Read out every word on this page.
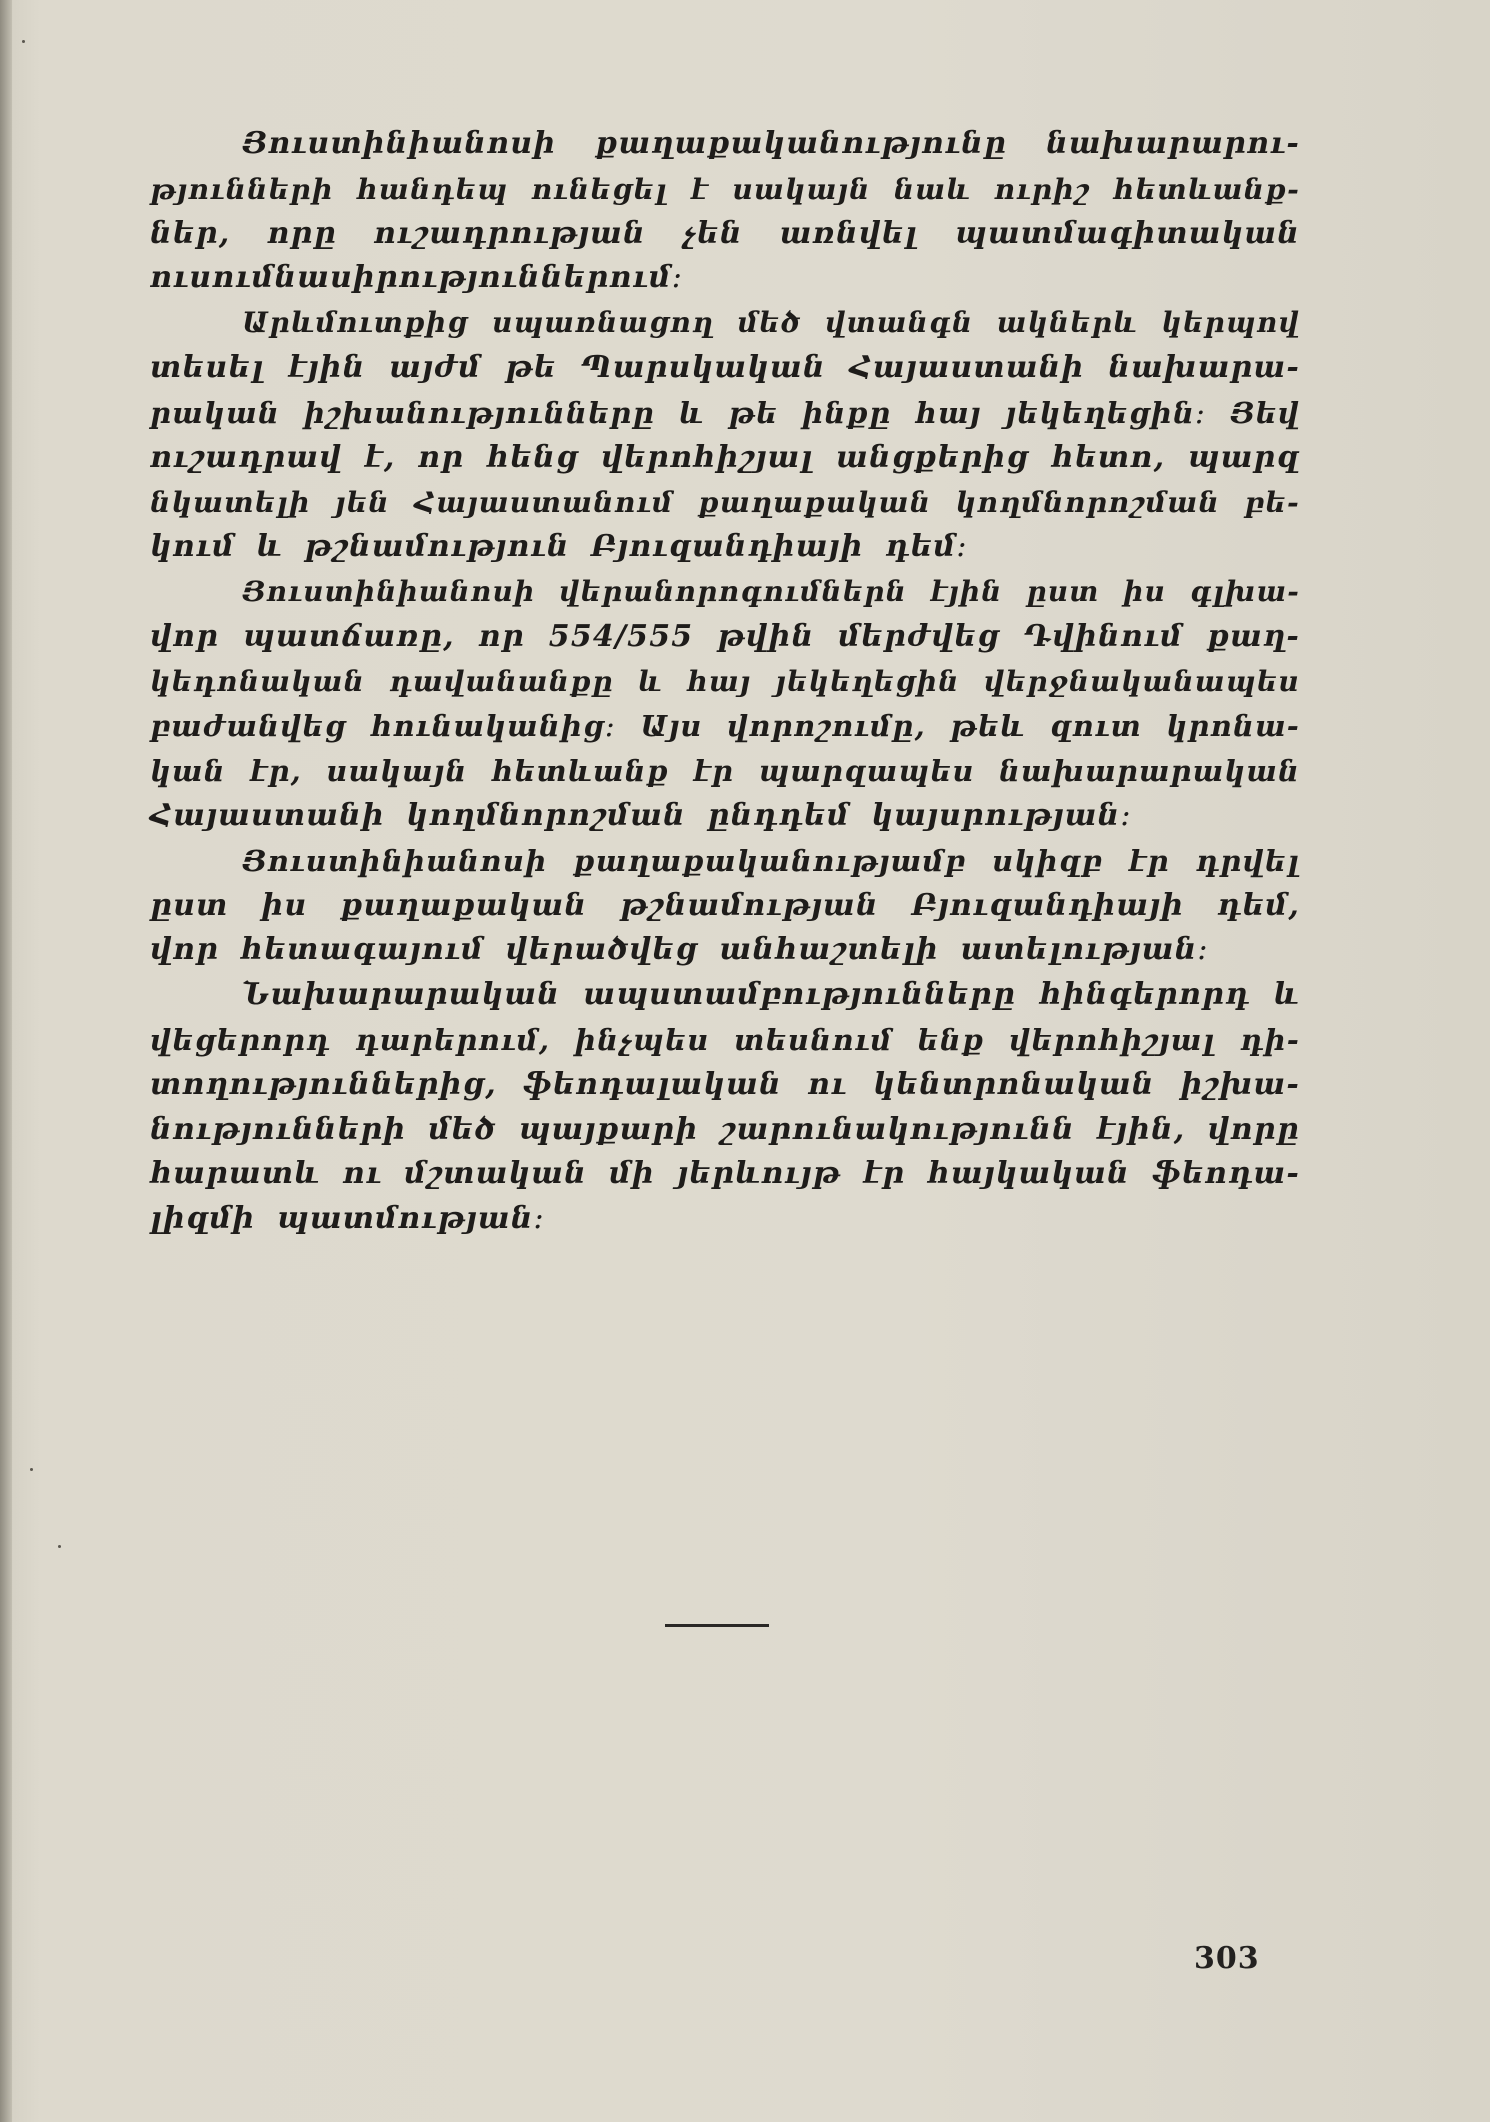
Յուստինիանոսի քաղաքականությունը նախարարու-
թյունների հանդեպ ունեցել է սակայն նաև ուրիշ հետևանք-
ներ, որը ուշադրության չեն առնվել պատմագիտական
ուսումնասիրություններում։

Արևմուտքից սպառնացող մեծ վտանգն ակներև կերպով
տեսել էյին այժմ թե Պարսկական Հայաստանի նախարա-
րական իշխանությունները և թե ինքը հայ յեկեղեցին։ Յեվ
ուշադրավ է, որ հենց վերոհիշյալ անցքերից հետո, պարզ
նկատելի յեն Հայաստանում քաղաքական կողմնորոշման բե-
կում և թշնամություն Բյուզանդիայի դեմ։

Յուստինիանոսի վերանորոգումներն էյին ըստ իս գլխա-
վոր պատճառը, որ 554/555 թվին մերժվեց Դվինում քաղ-
կեդոնական դավանանքը և հայ յեկեղեցին վերջնականապես
բաժանվեց հունականից։ Այս վորոշումը, թեև զուտ կրոնա-
կան էր, սակայն հետևանք էր պարզապես նախարարական
Հայաստանի կողմնորոշման ընդդեմ կայսրության։

Յուստինիանոսի քաղաքականությամբ սկիզբ էր դրվել
ըստ իս քաղաքական թշնամության Բյուզանդիայի դեմ,
վոր հետագայում վերածվեց անհաշտելի ատելության։

Նախարարական ապստամբությունները հինգերորդ և
վեցերորդ դարերում, ինչպես տեսնում ենք վերոհիշյալ դի-
տողություններից, ֆեոդալական ու կենտրոնական իշխա-
նությունների մեծ պայքարի շարունակությունն էյին, վորը
հարատև ու մշտական մի յերևույթ էր հայկական ֆեոդա-
լիզմի պատմության։

303
